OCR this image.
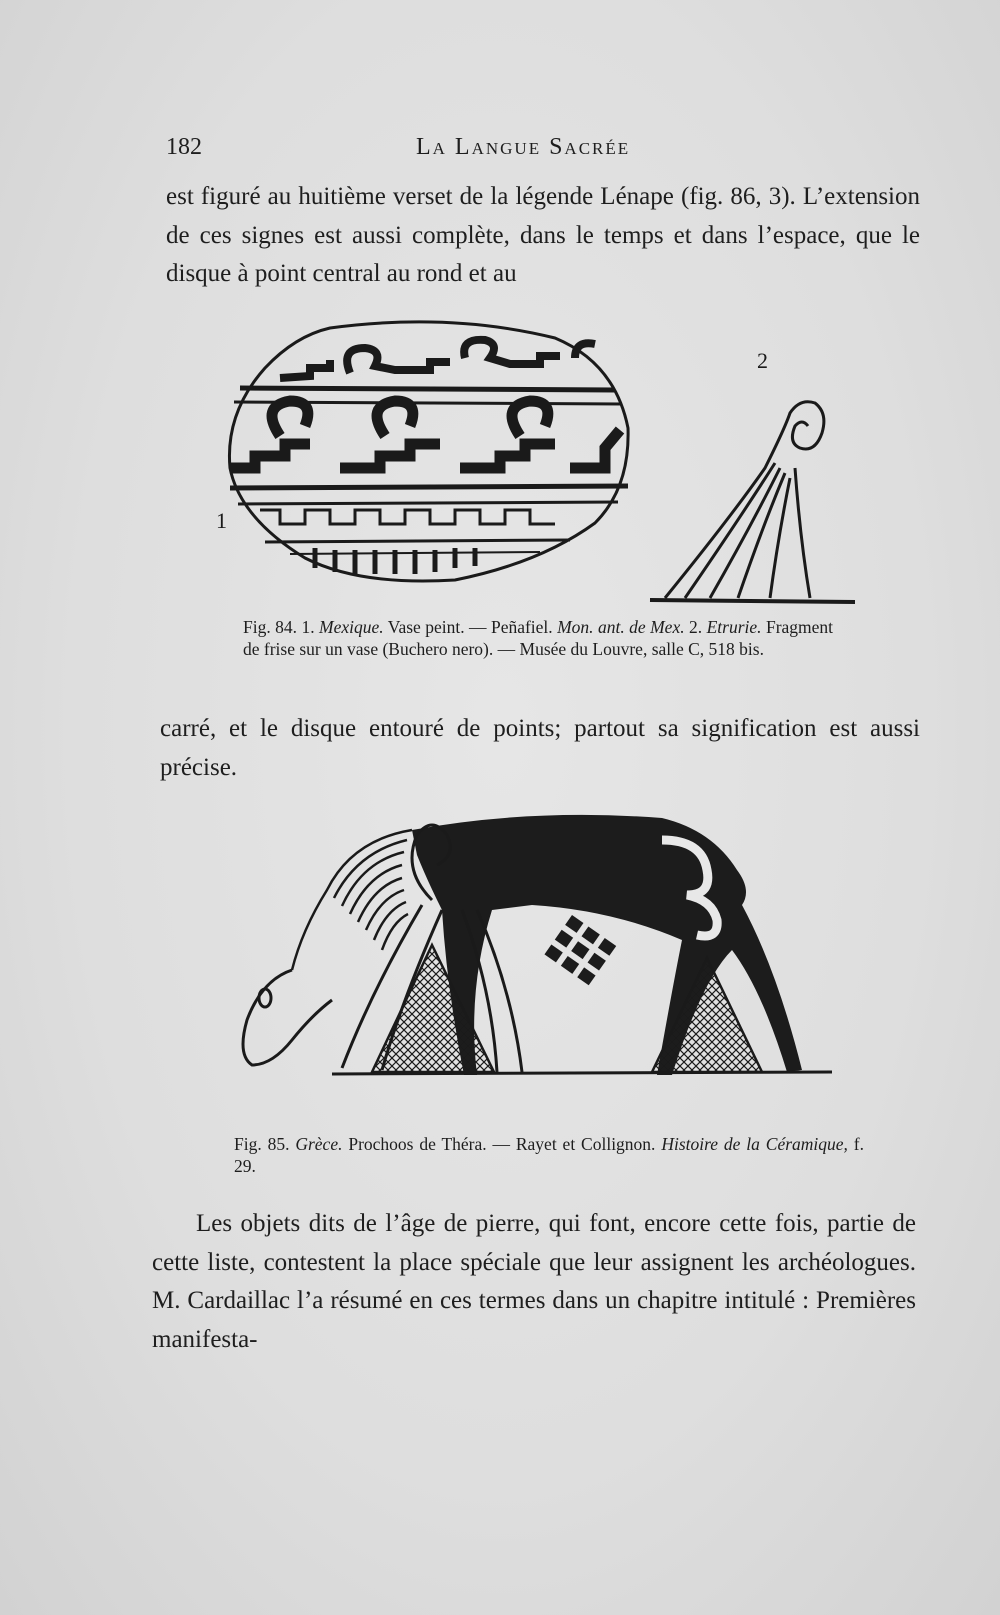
182	La Langue Sacrée

est figuré au huitième verset de la légende Lénape (fig. 86, 3). L’extension de ces signes est aussi complète, dans le temps et dans l’espace, que le disque à point central au rond et au

1
2
Fig. 84. 1. Mexique. Vase peint. — Peñafiel. Mon. ant. de Mex. 2. Etrurie. Fragment de frise sur un vase (Buchero nero). — Musée du Louvre, salle C, 518 bis.

carré, et le disque entouré de points; partout sa signification est aussi précise.

Fig. 85. Grèce. Prochoos de Théra. — Rayet et Collignon. Histoire de la Céramique, f. 29.

Les objets dits de l’âge de pierre, qui font, encore cette fois, partie de cette liste, contestent la place spéciale que leur assignent les archéologues. M. Cardaillac l’a résumé en ces termes dans un chapitre intitulé : Premières manifesta-
